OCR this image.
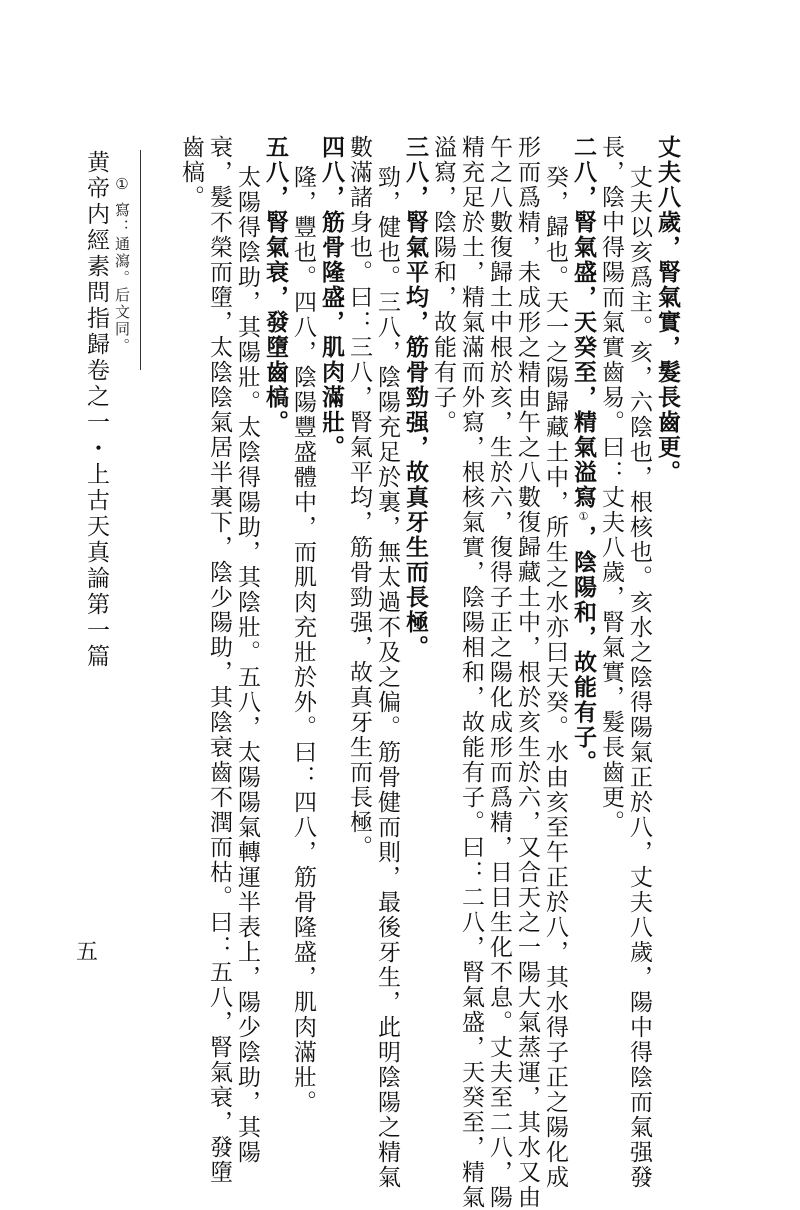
丈夫八歲，腎氣實，髮長齒更。
丈夫以亥爲主。亥，六陰也，根核也。亥水之陰得陽氣正於八，丈夫八歲，陽中得陰而氣强發
長，陰中得陽而氣實齒易。曰：丈夫八歲，腎氣實，髮長齒更。
二八，腎氣盛，天癸至，精氣溢寫①，陰陽和，故能有子。
癸，歸也。天一之陽歸藏土中，所生之水亦曰天癸。水由亥至午正於八，其水得子正之陽化成
形而爲精，未成形之精由午之八數復歸藏土中，根於亥生於六，又合天之一陽大氣蒸運，其水又由
午之八數復歸土中根於亥，生於六，復得子正之陽化成形而爲精，日日生化不息。丈夫至二八，陽
精充足於土，精氣滿而外寫，根核氣實，陰陽相和，故能有子。曰：二八，腎氣盛，天癸至，精氣
溢寫，陰陽和，故能有子。
三八，腎氣平均，筋骨勁强，故真牙生而長極。
勁，健也。三八，陰陽充足於裏，無太過不及之偏。筋骨健而則，最後牙生，此明陰陽之精氣
數滿諸身也。曰：三八，腎氣平均，筋骨勁强，故真牙生而長極。
四八，筋骨隆盛，肌肉滿壯。
隆，豐也。四八，陰陽豐盛體中，而肌肉充壯於外。曰：四八，筋骨隆盛，肌肉滿壯。
五八，腎氣衰，發墮齒槁。
太陽得陰助，其陽壯。太陰得陽助，其陰壯。五八，太陽陽氣轉運半表上，陽少陰助，其陽
衰，髮不榮而墮，太陰陰氣居半裏下，陰少陽助，其陰衰齒不潤而枯。曰：五八，腎氣衰，發墮
齒槁。
① 寫：通瀉。后文同。
黄帝内經素問指歸卷之一・上古天真論第一篇
五
